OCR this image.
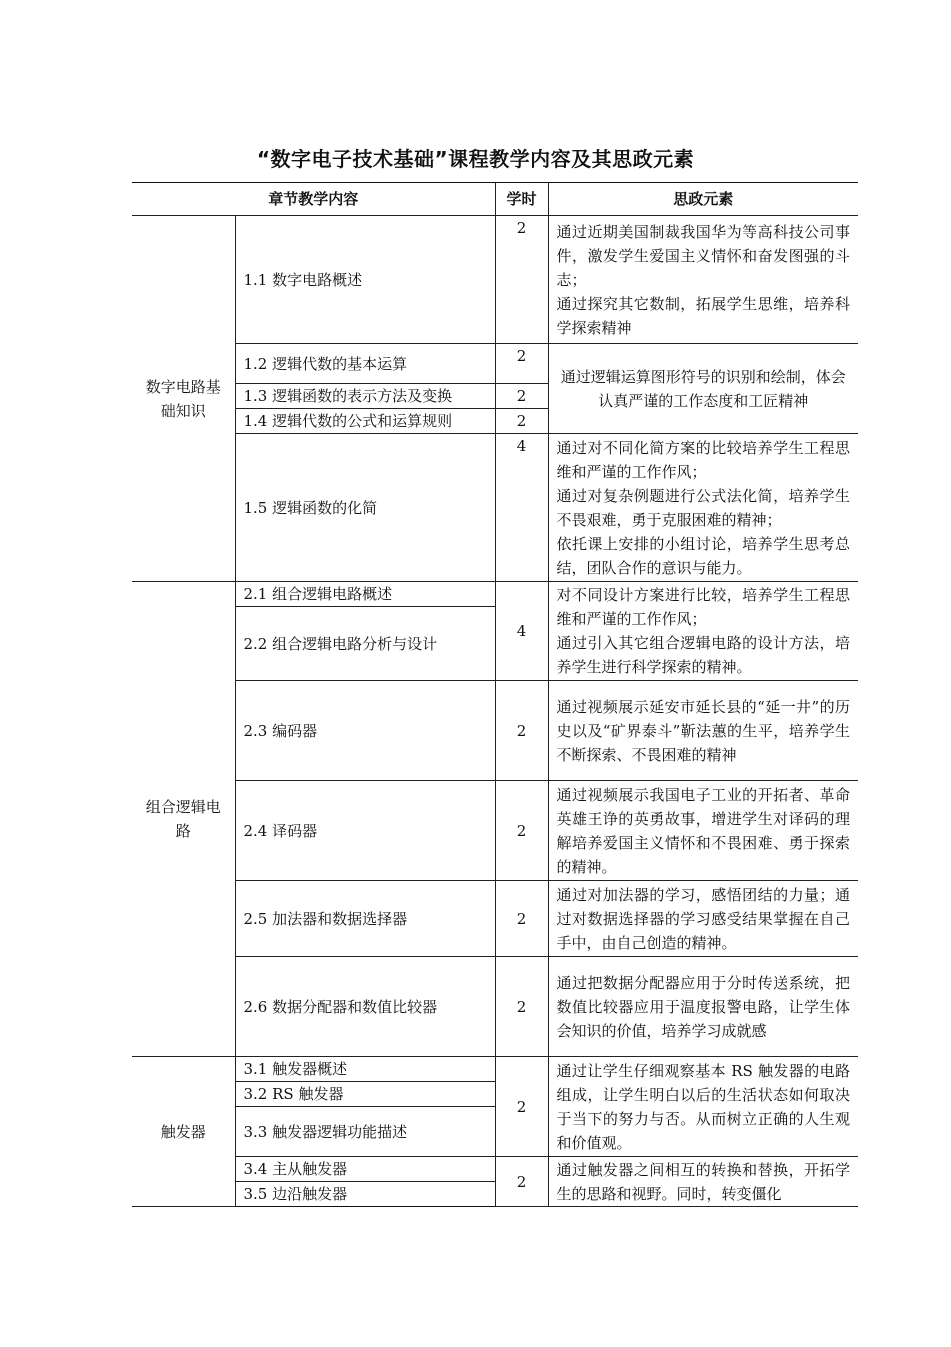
“数字电子技术基础”课程教学内容及其思政元素
章节教学内容		学时	思政元素
数字电路基础知识	1.1 数字电路概述	2	通过近期美国制裁我国华为等高科技公司事件，激发学生爱国主义情怀和奋发图强的斗志；

通过探究其它数制，拓展学生思维，培养科学探索精神

	1.2 逻辑代数的基本运算	2	通过逻辑运算图形符号的识别和绘制，体会认真严谨的工作态度和工匠精神

	1.3 逻辑函数的表示方法及变换	2	
	1.4 逻辑代数的公式和运算规则	2	
	1.5 逻辑函数的化简	4	通过对不同化简方案的比较培养学生工程思维和严谨的工作作风；

通过对复杂例题进行公式法化简，培养学生不畏艰难，勇于克服困难的精神；

依托课上安排的小组讨论，培养学生思考总结，团队合作的意识与能力。

组合逻辑电路	2.1 组合逻辑电路概述	4	对不同设计方案进行比较，培养学生工程思维和严谨的工作作风；

通过引入其它组合逻辑电路的设计方法，培养学生进行科学探索的精神。

	2.2 组合逻辑电路分析与设计		
	2.3 编码器	2	通过视频展示延安市延长县的“延一井”的历史以及“矿界泰斗”靳法蕙的生平，培养学生不断探索、不畏困难的精神

	2.4 译码器	2	通过视频展示我国电子工业的开拓者、革命英雄王诤的英勇故事，增进学生对译码的理解培养爱国主义情怀和不畏困难、勇于探索的精神。

	2.5 加法器和数据选择器	2	通过对加法器的学习，感悟团结的力量；通过对数据选择器的学习感受结果掌握在自己手中，由自己创造的精神。

	2.6 数据分配器和数值比较器	2	通过把数据分配器应用于分时传送系统，把数值比较器应用于温度报警电路，让学生体会知识的价值，培养学习成就感

触发器	3.1 触发器概述	2	通过让学生仔细观察基本 RS 触发器的电路组成，让学生明白以后的生活状态如何取决于当下的努力与否。从而树立正确的人生观和价值观。

	3.2 RS 触发器		
	3.3 触发器逻辑功能描述		
	3.4 主从触发器	2	通过触发器之间相互的转换和替换，开拓学生的思路和视野。同时，转变僵化

	3.5 边沿触发器		
